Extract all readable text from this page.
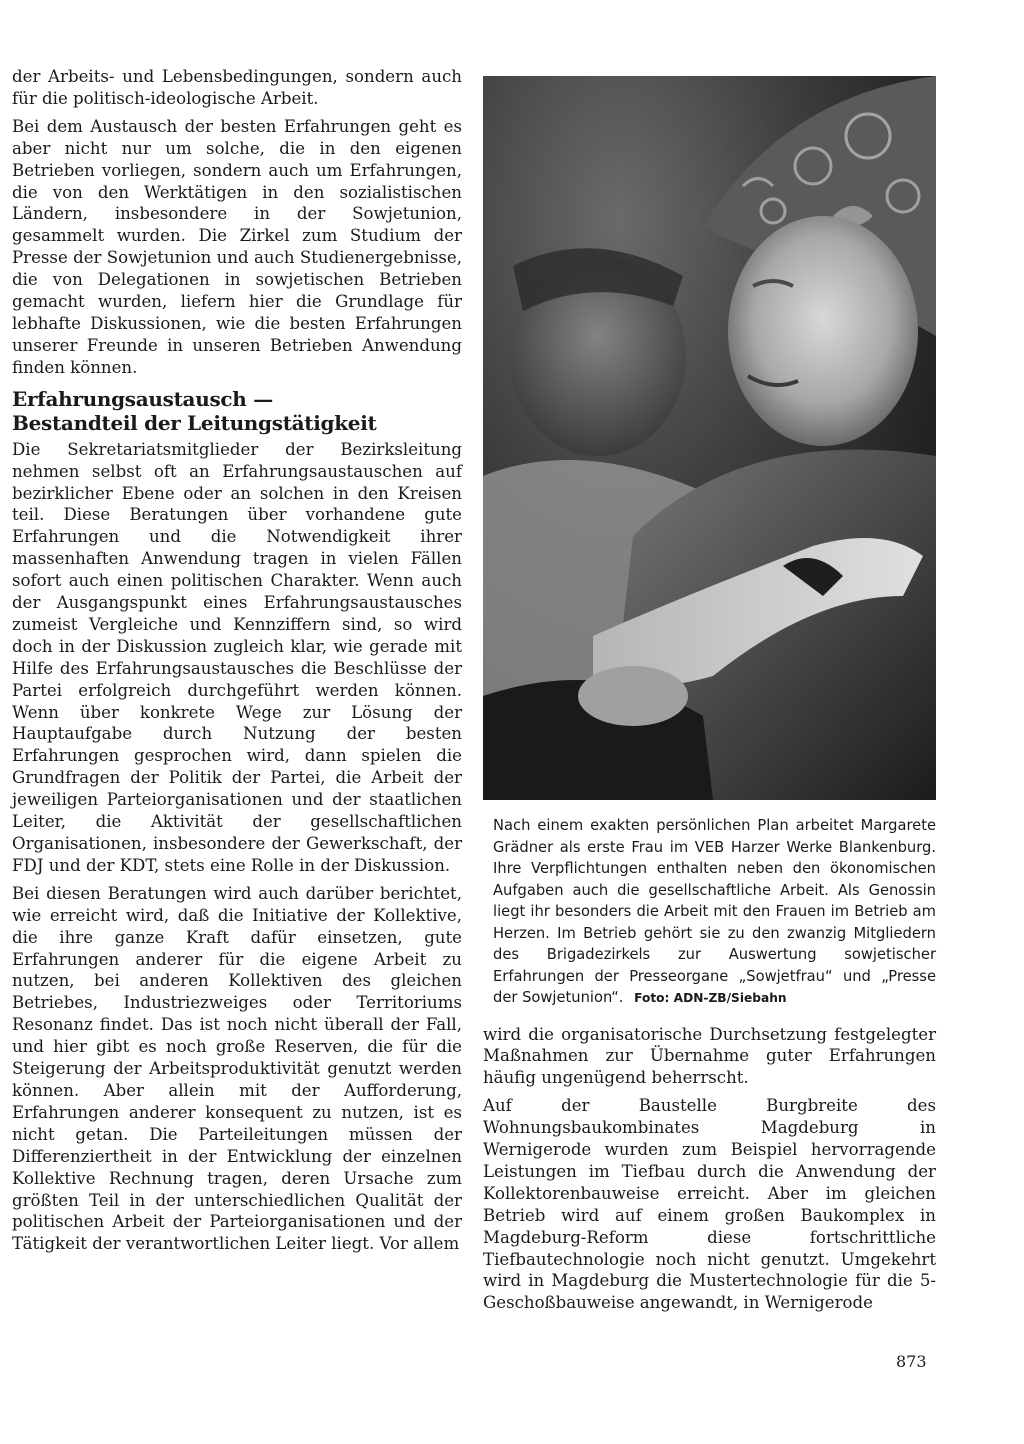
der Arbeits- und Lebensbedingungen, sondern auch für die politisch-ideologische Arbeit.

Bei dem Austausch der besten Erfahrungen geht es aber nicht nur um solche, die in den eigenen Betrieben vorliegen, sondern auch um Erfahrungen, die von den Werktätigen in den sozialistischen Ländern, insbesondere in der Sowjetunion, gesammelt wurden. Die Zirkel zum Studium der Presse der Sowjetunion und auch Studienergebnisse, die von Delegationen in sowjetischen Betrieben gemacht wurden, liefern hier die Grundlage für lebhafte Diskussionen, wie die besten Erfahrungen unserer Freunde in unseren Betrieben Anwendung finden können.

Erfahrungsaustausch —
Bestandteil der Leitungstätigkeit

Die Sekretariatsmitglieder der Bezirksleitung nehmen selbst oft an Erfahrungsaustauschen auf bezirklicher Ebene oder an solchen in den Kreisen teil. Diese Beratungen über vorhandene gute Erfahrungen und die Notwendigkeit ihrer massenhaften Anwendung tragen in vielen Fällen sofort auch einen politischen Charakter. Wenn auch der Ausgangspunkt eines Erfahrungsaustausches zumeist Vergleiche und Kennziffern sind, so wird doch in der Diskussion zugleich klar, wie gerade mit Hilfe des Erfahrungsaustausches die Beschlüsse der Partei erfolgreich durchgeführt werden können. Wenn über konkrete Wege zur Lösung der Hauptaufgabe durch Nutzung der besten Erfahrungen gesprochen wird, dann spielen die Grundfragen der Politik der Partei, die Arbeit der jeweiligen Parteiorganisationen und der staatlichen Leiter, die Aktivität der gesellschaftlichen Organisationen, insbesondere der Gewerkschaft, der FDJ und der KDT, stets eine Rolle in der Diskussion.

Bei diesen Beratungen wird auch darüber berichtet, wie erreicht wird, daß die Initiative der Kollektive, die ihre ganze Kraft dafür einsetzen, gute Erfahrungen anderer für die eigene Arbeit zu nutzen, bei anderen Kollektiven des gleichen Betriebes, Industriezweiges oder Territoriums Resonanz findet. Das ist noch nicht überall der Fall, und hier gibt es noch große Reserven, die für die Steigerung der Arbeitsproduktivität genutzt werden können. Aber allein mit der Aufforderung, Erfahrungen anderer konsequent zu nutzen, ist es nicht getan. Die Parteileitungen müssen der Differenziertheit in der Entwicklung der einzelnen Kollektive Rechnung tragen, deren Ursache zum größten Teil in der unterschiedlichen Qualität der politischen Arbeit der Parteiorganisationen und der Tätigkeit der verantwortlichen Leiter liegt. Vor allem

Nach einem exakten persönlichen Plan arbeitet Margarete Grädner als erste Frau im VEB Harzer Werke Blankenburg. Ihre Verpflichtungen enthalten neben den ökonomischen Aufgaben auch die gesellschaftliche Arbeit. Als Genossin liegt ihr besonders die Arbeit mit den Frauen im Betrieb am Herzen. Im Betrieb gehört sie zu den zwanzig Mitgliedern des Brigadezirkels zur Auswertung sowjetischer Erfahrungen der Presseorgane „Sowjetfrau“ und „Presse der Sowjetunion“. Foto: ADN-ZB/Siebahn

wird die organisatorische Durchsetzung festgelegter Maßnahmen zur Übernahme guter Erfahrungen häufig ungenügend beherrscht.

Auf der Baustelle Burgbreite des Wohnungsbaukombinates Magdeburg in Wernigerode wurden zum Beispiel hervorragende Leistungen im Tiefbau durch die Anwendung der Kollektorenbauweise erreicht. Aber im gleichen Betrieb wird auf einem großen Baukomplex in Magdeburg-Reform diese fortschrittliche Tiefbautechnologie noch nicht genutzt. Umgekehrt wird in Magdeburg die Mustertechnologie für die 5-Geschoßbauweise angewandt, in Wernigerode

873
